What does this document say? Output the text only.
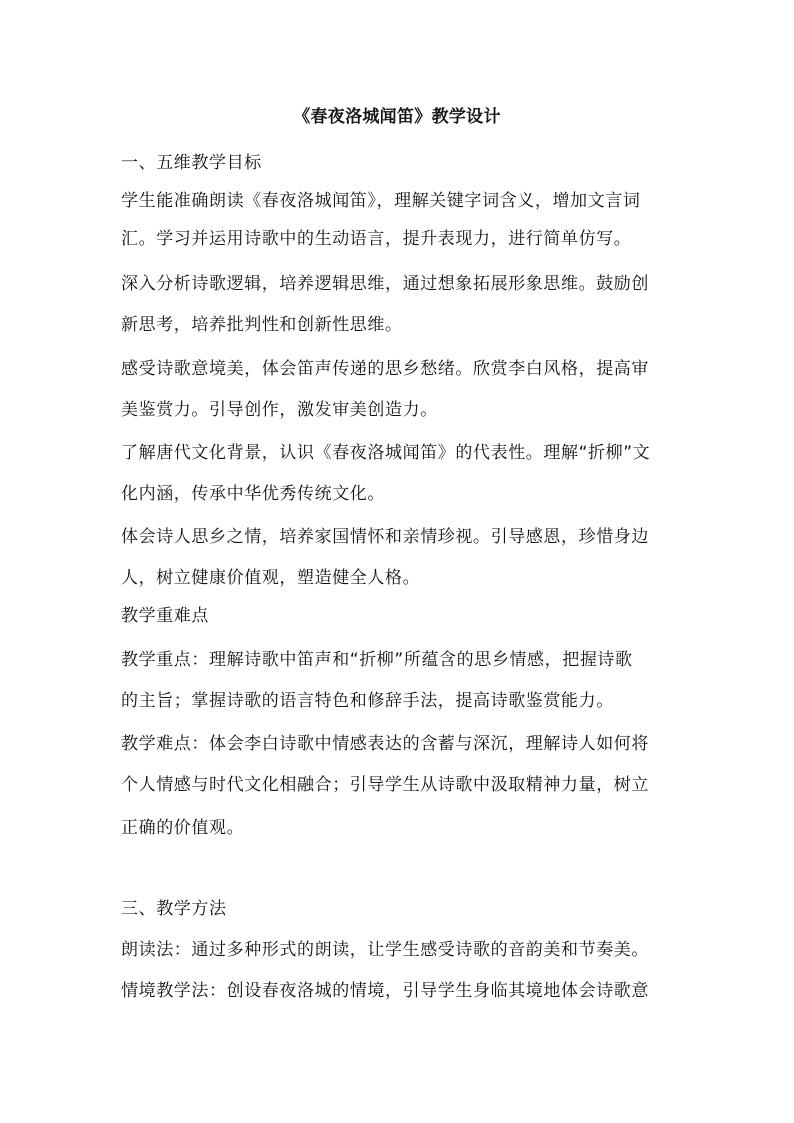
《春夜洛城闻笛》教学设计
一、五维教学目标
学生能准确朗读《春夜洛城闻笛》，理解关键字词含义，增加文言词
汇。学习并运用诗歌中的生动语言，提升表现力，进行简单仿写。
深入分析诗歌逻辑，培养逻辑思维，通过想象拓展形象思维。鼓励创
新思考，培养批判性和创新性思维。
感受诗歌意境美，体会笛声传递的思乡愁绪。欣赏李白风格，提高审
美鉴赏力。引导创作，激发审美创造力。
了解唐代文化背景，认识《春夜洛城闻笛》的代表性。理解“折柳”文
化内涵，传承中华优秀传统文化。
体会诗人思乡之情，培养家国情怀和亲情珍视。引导感恩，珍惜身边
人，树立健康价值观，塑造健全人格。
教学重难点
教学重点：理解诗歌中笛声和“折柳”所蕴含的思乡情感，把握诗歌
的主旨；掌握诗歌的语言特色和修辞手法，提高诗歌鉴赏能力。
教学难点：体会李白诗歌中情感表达的含蓄与深沉，理解诗人如何将
个人情感与时代文化相融合；引导学生从诗歌中汲取精神力量，树立
正确的价值观。
三、教学方法
朗读法：通过多种形式的朗读，让学生感受诗歌的音韵美和节奏美。
情境教学法：创设春夜洛城的情境，引导学生身临其境地体会诗歌意
